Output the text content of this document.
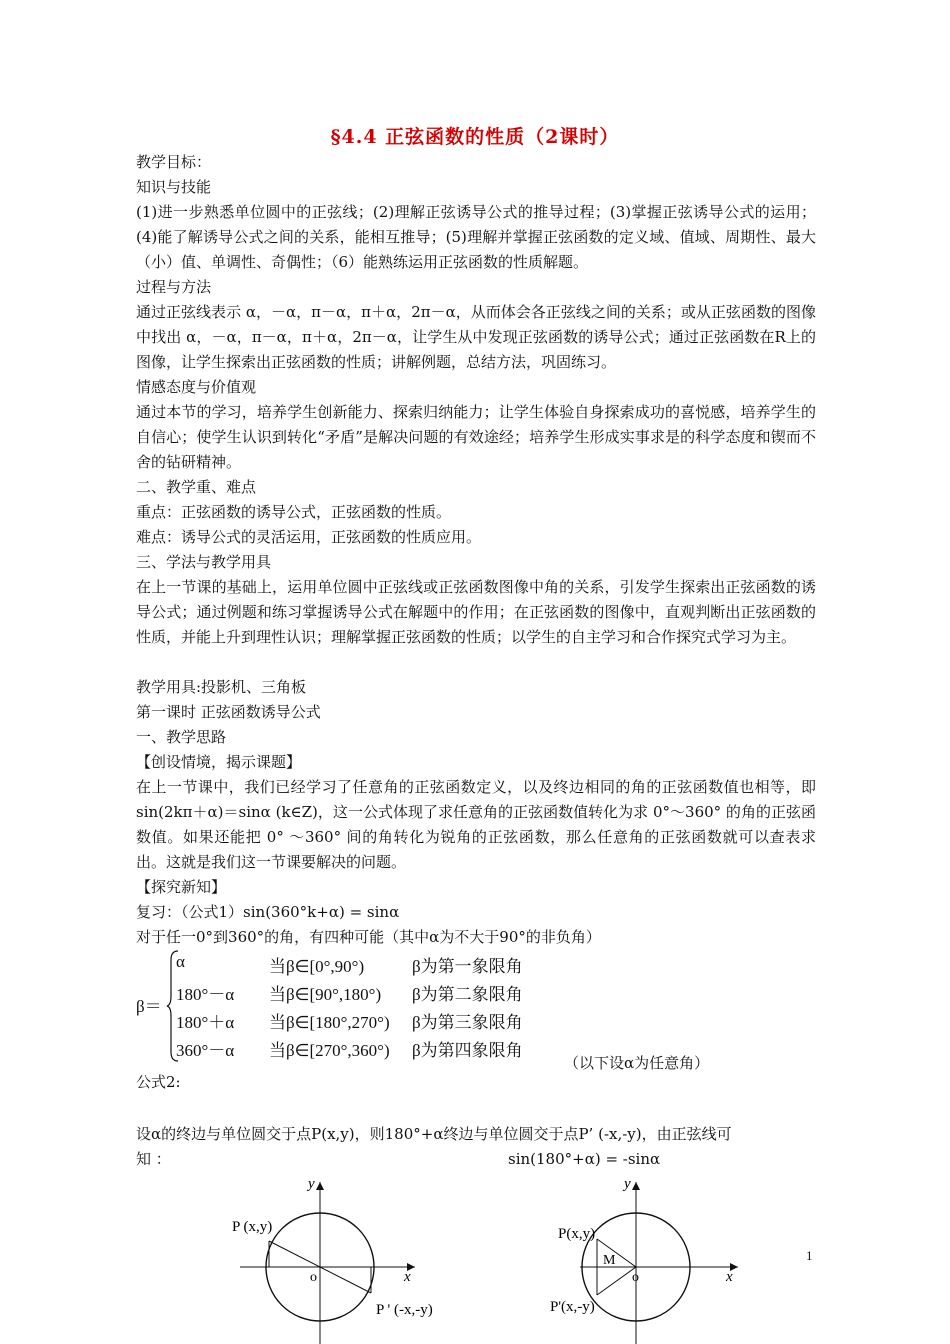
§4.4 正弦函数的性质（2课时）
教学目标：
知识与技能
(1)进一步熟悉单位圆中的正弦线；(2)理解正弦诱导公式的推导过程；(3)掌握正弦诱导公式的运用；(4)能了解诱导公式之间的关系，能相互推导；(5)理解并掌握正弦函数的定义域、值域、周期性、最大（小）值、单调性、奇偶性；（6）能熟练运用正弦函数的性质解题。
过程与方法
通过正弦线表示 α，－α，π－α，π＋α，2π－α，从而体会各正弦线之间的关系；或从正弦函数的图像中找出 α，－α，π－α，π＋α，2π－α，让学生从中发现正弦函数的诱导公式；通过正弦函数在R上的图像，让学生探索出正弦函数的性质；讲解例题，总结方法，巩固练习。
情感态度与价值观
通过本节的学习，培养学生创新能力、探索归纳能力；让学生体验自身探索成功的喜悦感，培养学生的自信心；使学生认识到转化“矛盾”是解决问题的有效途经；培养学生形成实事求是的科学态度和锲而不舍的钻研精神。
二、教学重、难点
重点：正弦函数的诱导公式，正弦函数的性质。
难点：诱导公式的灵活运用，正弦函数的性质应用。
三、学法与教学用具
在上一节课的基础上，运用单位圆中正弦线或正弦函数图像中角的关系，引发学生探索出正弦函数的诱导公式；通过例题和练习掌握诱导公式在解题中的作用；在正弦函数的图像中，直观判断出正弦函数的性质，并能上升到理性认识；理解掌握正弦函数的性质；以学生的自主学习和合作探究式学习为主。
教学用具:投影机、三角板
第一课时 正弦函数诱导公式
一、教学思路
【创设情境，揭示课题】
在上一节课中，我们已经学习了任意角的正弦函数定义，以及终边相同的角的正弦函数值也相等，即 sin(2kπ＋α)＝sinα (k∈Z)，这一公式体现了求任意角的正弦函数值转化为求 0°～360° 的角的正弦函数值。如果还能把 0° ～360° 间的角转化为锐角的正弦函数，那么任意角的正弦函数就可以查表求出。这就是我们这一节课要解决的问题。
【探究新知】
复习：（公式1）sin(360°k+α) = sinα
对于任一0°到360°的角，有四种可能（其中α为不大于90°的非负角）
β＝
α	当β∈[0°,90°)	β为第一象限角
180°－α 当β∈[90°,180°) β为第二象限角
180°＋α 当β∈[180°,270°) β为第三象限角
360°－α 当β∈[270°,360°) β为第四象限角
（以下设α为任意角）
公式2:
设α的终边与单位圆交于点P(x,y)，则180°+α终边与单位圆交于点P’ (-x,-y)，由正弦线可
知 ：	sin(180°+α) = -sinα
y
x
o
P (x,y)
P ' (-x,-y)
y
x
o
M
P(x,y)
P'(x,-y)
1
